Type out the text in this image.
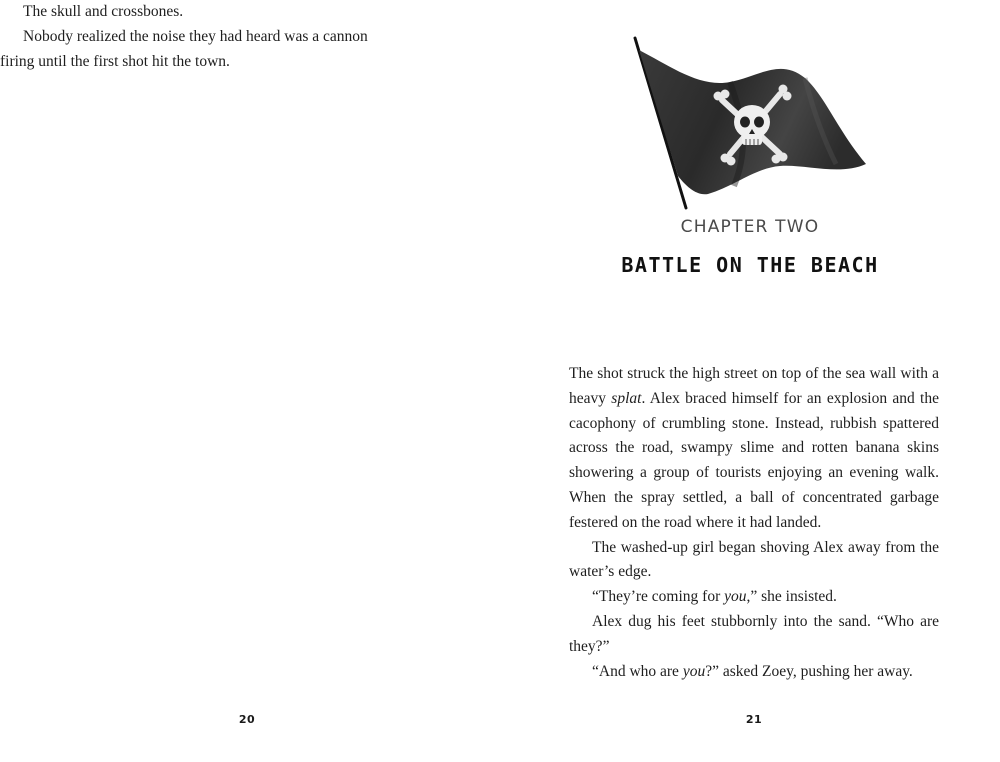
The skull and crossbones.

Nobody realized the noise they had heard was a cannon firing until the first shot hit the town.

20
CHAPTER TWO
BATTLE ON THE BEACH

The shot struck the high street on top of the sea wall with a heavy splat. Alex braced himself for an explosion and the cacophony of crumbling stone. Instead, rubbish spattered across the road, swampy slime and rotten banana skins showering a group of tourists enjoying an evening walk. When the spray settled, a ball of concentrated garbage festered on the road where it had landed.

The washed-up girl began shoving Alex away from the water’s edge.

“They’re coming for you,” she insisted.

Alex dug his feet stubbornly into the sand. “Who are they?”

“And who are you?” asked Zoey, pushing her away.

21
